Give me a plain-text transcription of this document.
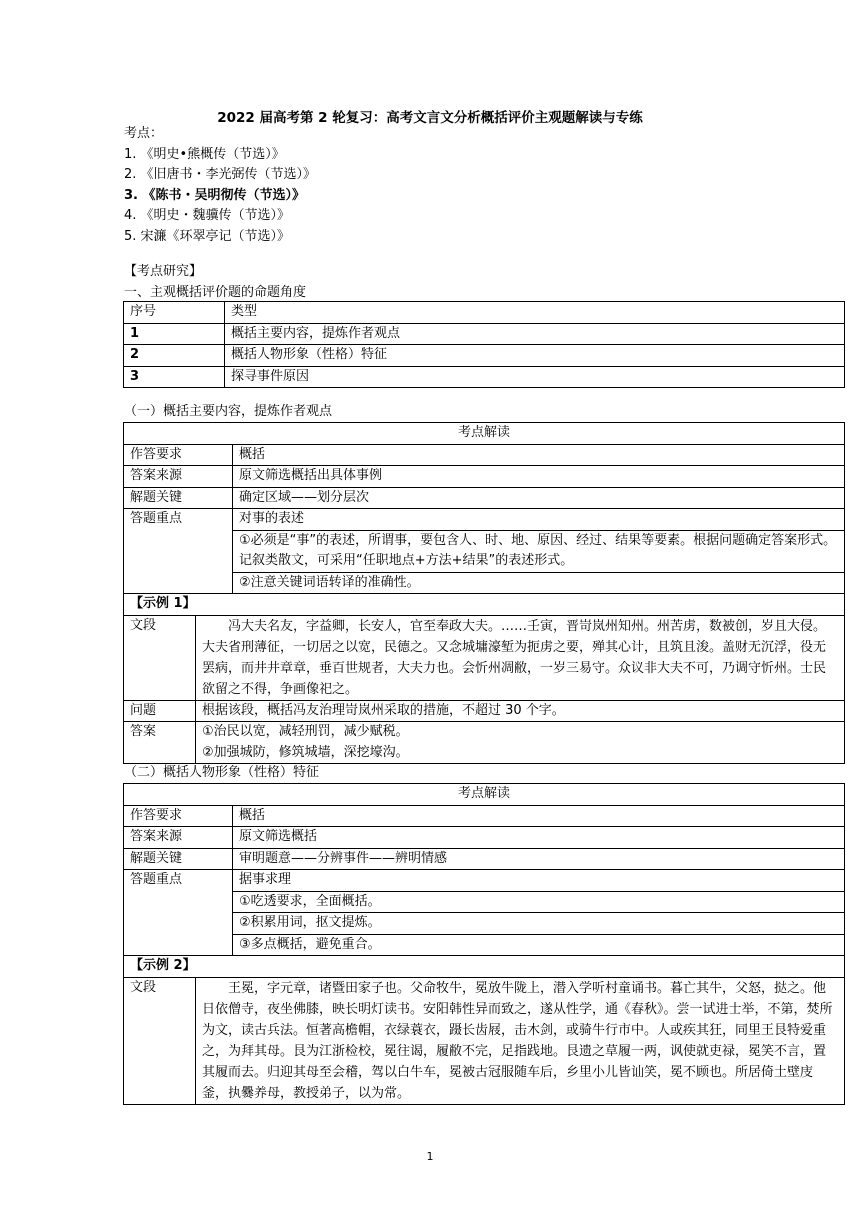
2022 届高考第 2 轮复习：高考文言文分析概括评价主观题解读与专练
考点：
1. 《明史•熊概传（节选）》
2. 《旧唐书・李光弼传（节选）》
3. 《陈书・吴明彻传（节选）》
4. 《明史・魏骥传（节选）》
5. 宋濂《环翠亭记（节选）》
【考点研究】
一、主观概括评价题的命题角度
序号	类型
1	概括主要内容，提炼作者观点
2	概括人物形象（性格）特征
3	探寻事件原因
（一）概括主要内容，提炼作者观点
考点解读		
作答要求		概括
答案来源		原文筛选概括出具体事例
解题关键		确定区域——划分层次
答题重点		对事的表述
		①必须是“事”的表述，所谓事，要包含人、时、地、原因、经过、结果等要素。根据问题确定答案形式。记叙类散文，可采用“任职地点+方法+结果”的表述形式。
		②注意关键词语转译的准确性。
【示例 1】		
文段	冯大夫名友，字益卿，长安人，官至奉政大夫。……壬寅，晋岢岚州知州。州苦虏，数被创，岁且大侵。大夫省刑薄征，一切居之以宽，民德之。又念城墉濠堑为扼虏之要，殚其心计，且筑且浚。盖财无沉浮，役无罢病，而井井章章，垂百世规者，大夫力也。会忻州凋敝，一岁三易守。众议非大夫不可，乃调守忻州。士民欲留之不得，争画像祀之。	
问题	根据该段，概括冯友治理岢岚州采取的措施，不超过 30 个字。	
答案	①治民以宽，减轻刑罚，减少赋税。
②加强城防，修筑城墙，深挖壕沟。	
（二）概括人物形象（性格）特征
考点解读		
作答要求		概括
答案来源		原文筛选概括
解题关键		审明题意——分辨事件——辨明情感
答题重点		据事求理
		①吃透要求，全面概括。
		②积累用词，抠文提炼。
		③多点概括，避免重合。
【示例 2】		
文段	王冕，字元章，诸暨田家子也。父命牧牛，冕放牛陇上，潜入学听村童诵书。暮亡其牛，父怒，挞之。他日依僧寺，夜坐佛膝，映长明灯读书。安阳韩性异而致之，遂从性学，通《春秋》。尝一试进士举，不第，焚所为文，读古兵法。恒著高檐帽，衣绿蓑衣，蹑长齿屐，击木剑，或骑牛行市中。人或疾其狂，同里王艮特爱重之，为拜其母。艮为江浙检校，冕往谒，履敝不完，足指践地。艮遗之草履一两，讽使就吏禄，冕笑不言，置其履而去。归迎其母至会稽，驾以白牛车，冕被古冠服随车后，乡里小儿皆讪笑，冕不顾也。所居倚土壁庋釜，执爨养母，教授弟子，以为常。	
1
